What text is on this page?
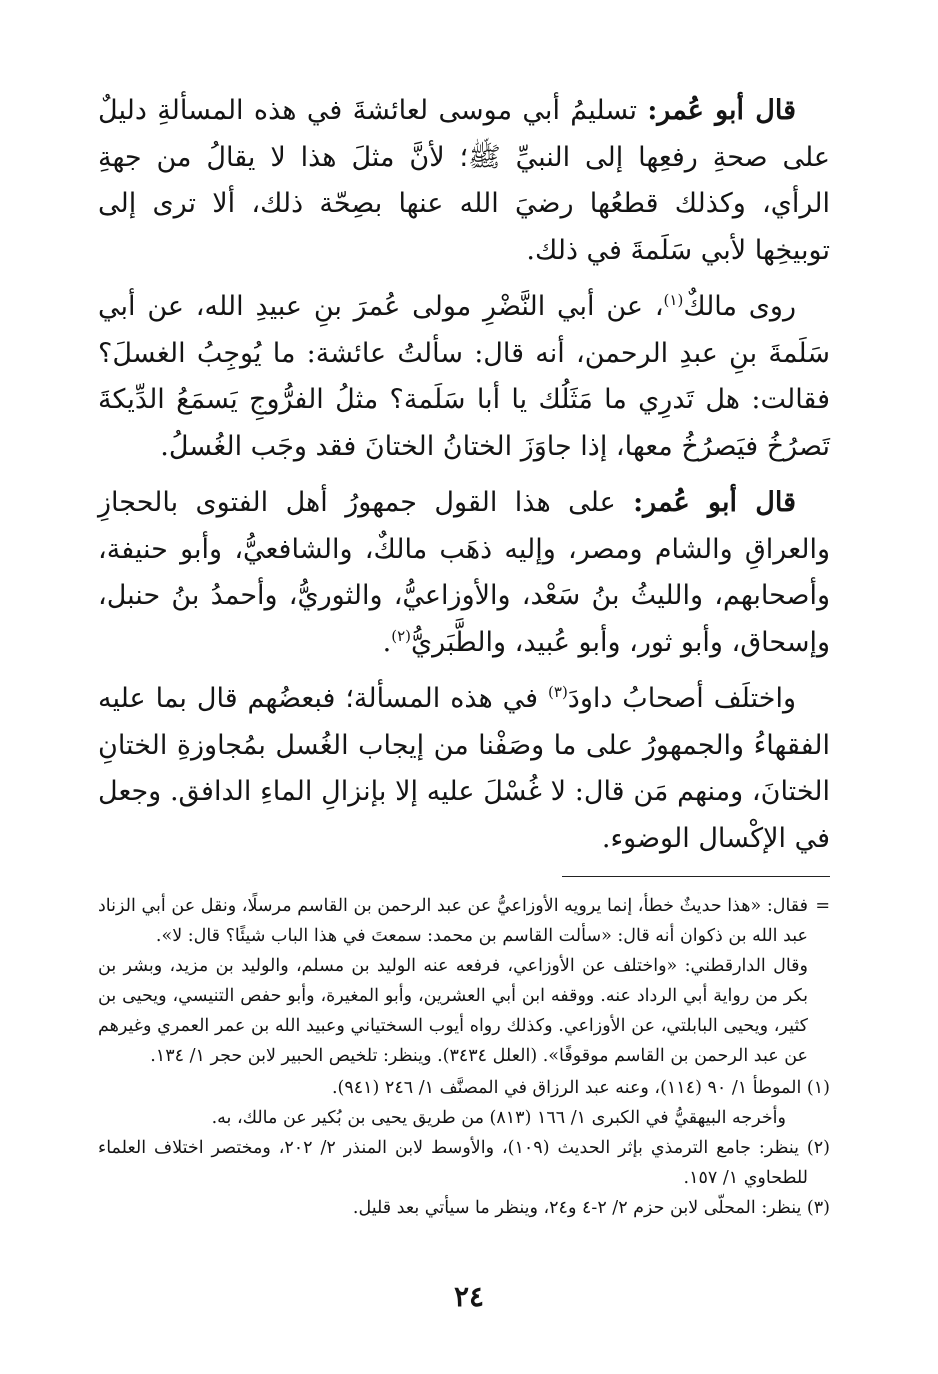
قال أبو عُمر: تسليمُ أبي موسى لعائشةَ في هذه المسألةِ دليلٌ على صحةِ رفعِها إلى النبيِّ ﷺ؛ لأنَّ مثلَ هذا لا يقالُ من جهةِ الرأي، وكذلك قطعُها رضيَ الله عنها بصِحّة ذلك، ألا ترى إلى توبيخِها لأبي سَلَمةَ في ذلك.

روى مالكٌ$^{(١)}$، عن أبي النَّضْرِ مولى عُمرَ بنِ عبيدِ الله، عن أبي سَلَمةَ بنِ عبدِ الرحمن، أنه قال: سألتُ عائشة: ما يُوجِبُ الغسلَ؟ فقالت: هل تَدرِي ما مَثَلُك يا أبا سَلَمة؟ مثلُ الفرُّوجِ يَسمَعُ الدِّيكةَ تَصرُخُ فيَصرُخُ معها، إذا جاوَزَ الختانُ الختانَ فقد وجَب الغُسلُ.

قال أبو عُمر: على هذا القول جمهورُ أهل الفتوى بالحجازِ والعراقِ والشام ومصر، وإليه ذهَب مالكٌ، والشافعيُّ، وأبو حنيفة، وأصحابهم، والليثُ بنُ سَعْد، والأوزاعيُّ، والثوريُّ، وأحمدُ بنُ حنبل، وإسحاق، وأبو ثور، وأبو عُبيد، والطَّبَريُّ$^{(٢)}$.

واختلَف أصحابُ داودَ$^{(٣)}$ في هذه المسألة؛ فبعضُهم قال بما عليه الفقهاءُ والجمهورُ على ما وصَفْنا من إيجاب الغُسل بمُجاوزةِ الختانِ الختانَ، ومنهم مَن قال: لا غُسْلَ عليه إلا بإنزالِ الماءِ الدافق. وجعل في الإكْسال الوضوء.

=فقال: «هذا حديثٌ خطأ، إنما يرويه الأوزاعيُّ عن عبد الرحمن بن القاسم مرسلًا، ونقل عن أبي الزناد عبد الله بن ذكوان أنه قال: «سألت القاسم بن محمد: سمعتَ في هذا الباب شيئًا؟ قال: لا».

وقال الدارقطني: «واختلف عن الأوزاعي، فرفعه عنه الوليد بن مسلم، والوليد بن مزيد، وبشر بن بكر من رواية أبي الرداد عنه. ووقفه ابن أبي العشرين، وأبو المغيرة، وأبو حفص التنيسي، ويحيى بن كثير، ويحيى البابلتي، عن الأوزاعي. وكذلك رواه أيوب السختياني وعبيد الله بن عمر العمري وغيرهم عن عبد الرحمن بن القاسم موقوفًا». (العلل ٣٤٣٤). وينظر: تلخيص الحبير لابن حجر ١/ ١٣٤.

(١) الموطأ ١/ ٩٠ (١١٤)، وعنه عبد الرزاق في المصنَّف ١/ ٢٤٦ (٩٤١).

وأخرجه البيهقيُّ في الكبرى ١/ ١٦٦ (٨١٣) من طريق يحيى بن بُكير عن مالك، به.

(٢) ينظر: جامع الترمذي بإثر الحديث (١٠٩)، والأوسط لابن المنذر ٢/ ٢٠٢، ومختصر اختلاف العلماء للطحاوي ١/ ١٥٧.

(٣) ينظر: المحلّى لابن حزم ٢/ ٢-٤ و٢٤، وينظر ما سيأتي بعد قليل.

٢٤
